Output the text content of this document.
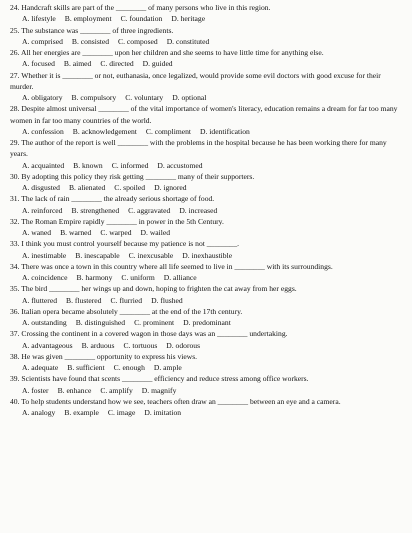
24. Handcraft skills are part of the ________ of many persons who live in this region.
A. lifestyle B. employment C. foundation D. heritage
25. The substance was ________ of three ingredients.
A. comprised B. consisted C. composed D. constituted
26. All her energies are ________ upon her children and she seems to have little time for anything else.
A. focused B. aimed C. directed D. guided
27. Whether it is ________ or not, euthanasia, once legalized, would provide some evil doctors with good excuse for their murder.
A. obligatory B. compulsory C. voluntary D. optional
28. Despite almost universal ________ of the vital importance of women's literacy, education remains a dream for far too many women in far too many countries of the world.
A. confession B. acknowledgement C. compliment D. identification
29. The author of the report is well ________ with the problems in the hospital because he has been working there for many years.
A. acquainted B. known C. informed D. accustomed
30. By adopting this policy they risk getting ________ many of their supporters.
A. disgusted B. alienated C. spoiled D. ignored
31. The lack of rain ________ the already serious shortage of food.
A. reinforced B. strengthened C. aggravated D. increased
32. The Roman Empire rapidly ________ in power in the 5th Century.
A. waned B. warned C. warped D. wailed
33. I think you must control yourself because my patience is not ________.
A. inestimable B. inescapable C. inexcusable D. inexhaustible
34. There was once a town in this country where all life seemed to live in ________ with its surroundings.
A. coincidence B. harmony C. uniform D. alliance
35. The bird ________ her wings up and down, hoping to frighten the cat away from her eggs.
A. fluttered B. flustered C. flurried D. flushed
36. Italian opera became absolutely ________ at the end of the 17th century.
A. outstanding B. distinguished C. prominent D. predominant
37. Crossing the continent in a covered wagon in those days was an ________ undertaking.
A. advantageous B. arduous C. tortuous D. odorous
38. He was given ________ opportunity to express his views.
A. adequate B. sufficient C. enough D. ample
39. Scientists have found that scents ________ efficiency and reduce stress among office workers.
A. foster B. enhance C. amplify D. magnify
40. To help students understand how we see, teachers often draw an ________ between an eye and a camera.
A. analogy B. example C. image D. imitation
